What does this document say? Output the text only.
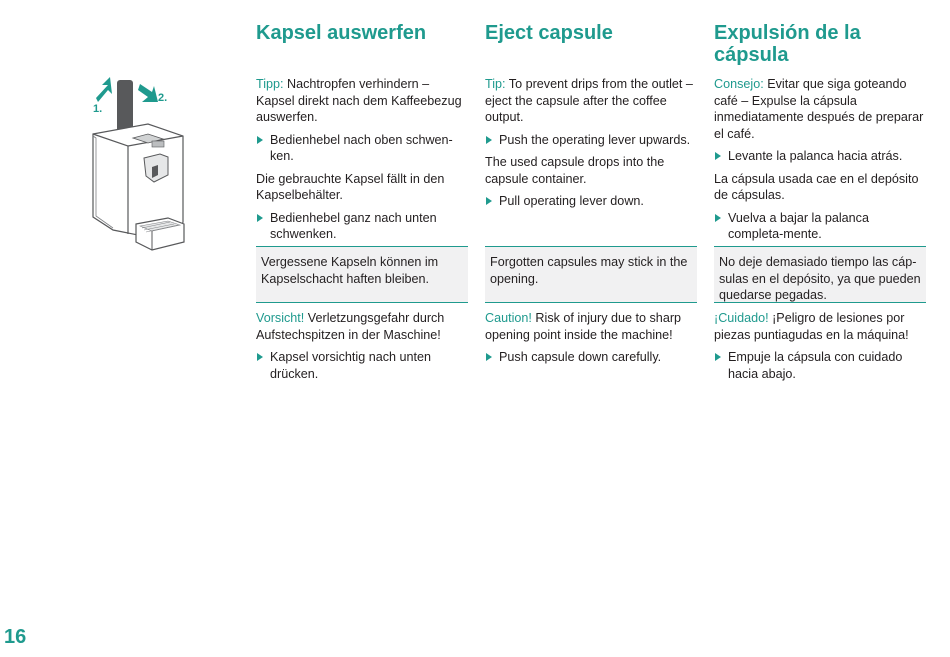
1.
2.
Kapsel auswerfen

Tipp: Nachtropfen verhindern – Kapsel direkt nach dem Kaffeebezug auswerfen.

Bedienhebel nach oben schwen-ken.

Die gebrauchte Kapsel fällt in den Kapselbehälter.

Bedienhebel ganz nach unten schwenken.
Vergessene Kapseln können im Kapselschacht haften bleiben.

Vorsicht! Verletzungsgefahr durch Aufstechspitzen in der Maschine!

Kapsel vorsichtig nach unten drücken.
Eject capsule

Tip: To prevent drips from the outlet – eject the capsule after the coffee output.

Push the operating lever upwards.

The used capsule drops into the capsule container.

Pull operating lever down.
Forgotten capsules may stick in the opening.

Caution! Risk of injury due to sharp opening point inside the machine!

Push capsule down carefully.
Expulsión de la cápsula

Consejo: Evitar que siga goteando café – Expulse la cápsula inmediatamente después de preparar el café.

Levante la palanca hacia atrás.

La cápsula usada cae en el depósito de cápsulas.

Vuelva a bajar la palanca completa-mente.
No deje demasiado tiempo las cáp-sulas en el depósito, ya que pueden quedarse pegadas.

¡Cuidado! ¡Peligro de lesiones por piezas puntiagudas en la máquina!

Empuje la cápsula con cuidado hacia abajo.
16
